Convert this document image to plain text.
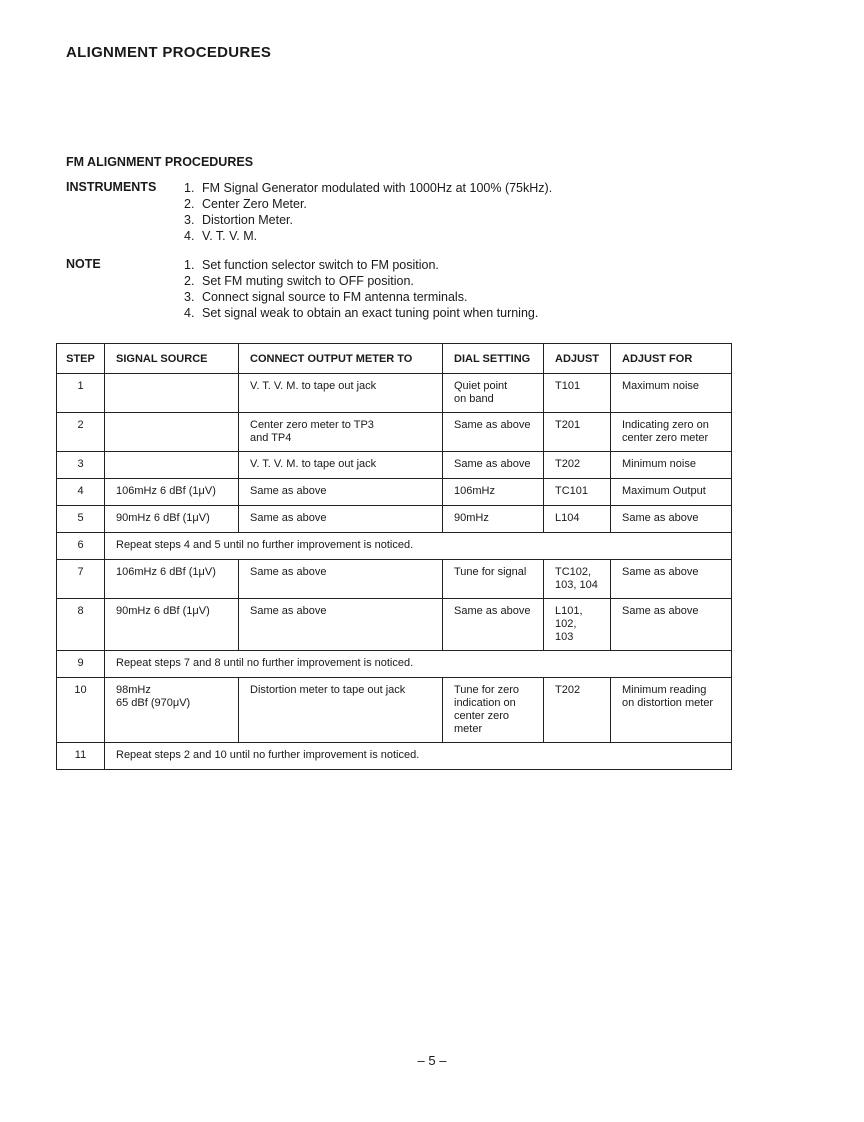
ALIGNMENT PROCEDURES
FM ALIGNMENT PROCEDURES
INSTRUMENTS 1. FM Signal Generator modulated with 1000Hz at 100% (75kHz).
2. Center Zero Meter.
3. Distortion Meter.
4. V. T. V. M.
NOTE	1. Set function selector switch to FM position.
2. Set FM muting switch to OFF position.
3. Connect signal source to FM antenna terminals.
4. Set signal weak to obtain an exact tuning point when turning.
STEP	SIGNAL SOURCE	CONNECT OUTPUT METER TO	DIAL SETTING	ADJUST	ADJUST FOR
1		V. T. V. M. to tape out jack	Quiet point
on band	T101	Maximum noise
2		Center zero meter to TP3
and TP4	Same as above	T201	Indicating zero on
center zero meter
3		V. T. V. M. to tape out jack	Same as above	T202	Minimum noise
4	106mHz 6 dBf (1μV)	Same as above	106mHz	TC101	Maximum Output
5	90mHz 6 dBf (1μV)	Same as above	90mHz	L104	Same as above
6	Repeat steps 4 and 5 until no further improvement is noticed.				
7	106mHz 6 dBf (1μV)	Same as above	Tune for signal	TC102,
103, 104	Same as above
8	90mHz 6 dBf (1μV)	Same as above	Same as above	L101, 102,
103	Same as above
9	Repeat steps 7 and 8 until no further improvement is noticed.				
10	98mHz
65 dBf (970μV)	Distortion meter to tape out jack	Tune for zero
indication on
center zero meter	T202	Minimum reading
on distortion meter
11	Repeat steps 2 and 10 until no further improvement is noticed.				
– 5 –
